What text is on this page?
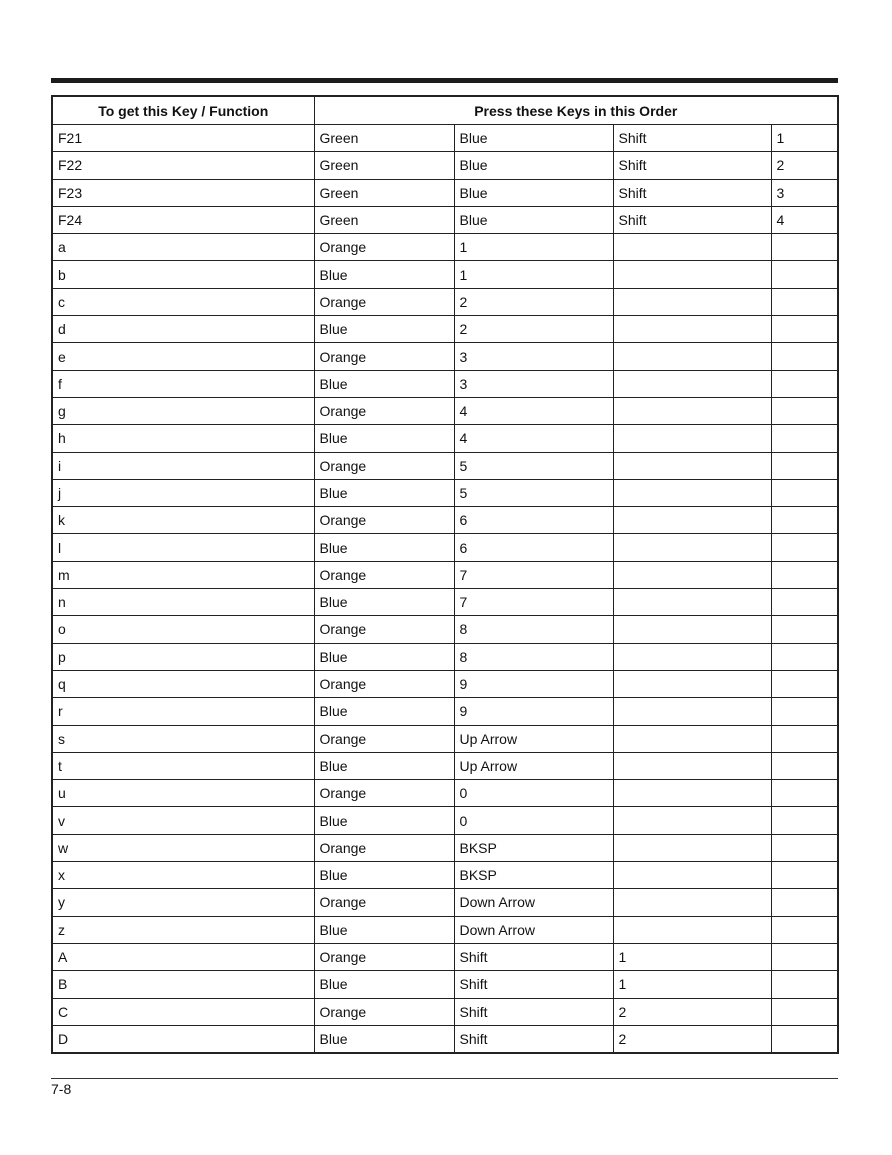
To get this Key / Function	Press these Keys in this Order			
F21	Green	Blue	Shift	1
F22	Green	Blue	Shift	2
F23	Green	Blue	Shift	3
F24	Green	Blue	Shift	4
a	Orange	1		
b	Blue	1		
c	Orange	2		
d	Blue	2		
e	Orange	3		
f	Blue	3		
g	Orange	4		
h	Blue	4		
i	Orange	5		
j	Blue	5		
k	Orange	6		
l	Blue	6		
m	Orange	7		
n	Blue	7		
o	Orange	8		
p	Blue	8		
q	Orange	9		
r	Blue	9		
s	Orange	Up Arrow		
t	Blue	Up Arrow		
u	Orange	0		
v	Blue	0		
w	Orange	BKSP		
x	Blue	BKSP		
y	Orange	Down Arrow		
z	Blue	Down Arrow		
A	Orange	Shift	1	
B	Blue	Shift	1	
C	Orange	Shift	2	
D	Blue	Shift	2	
7-8
